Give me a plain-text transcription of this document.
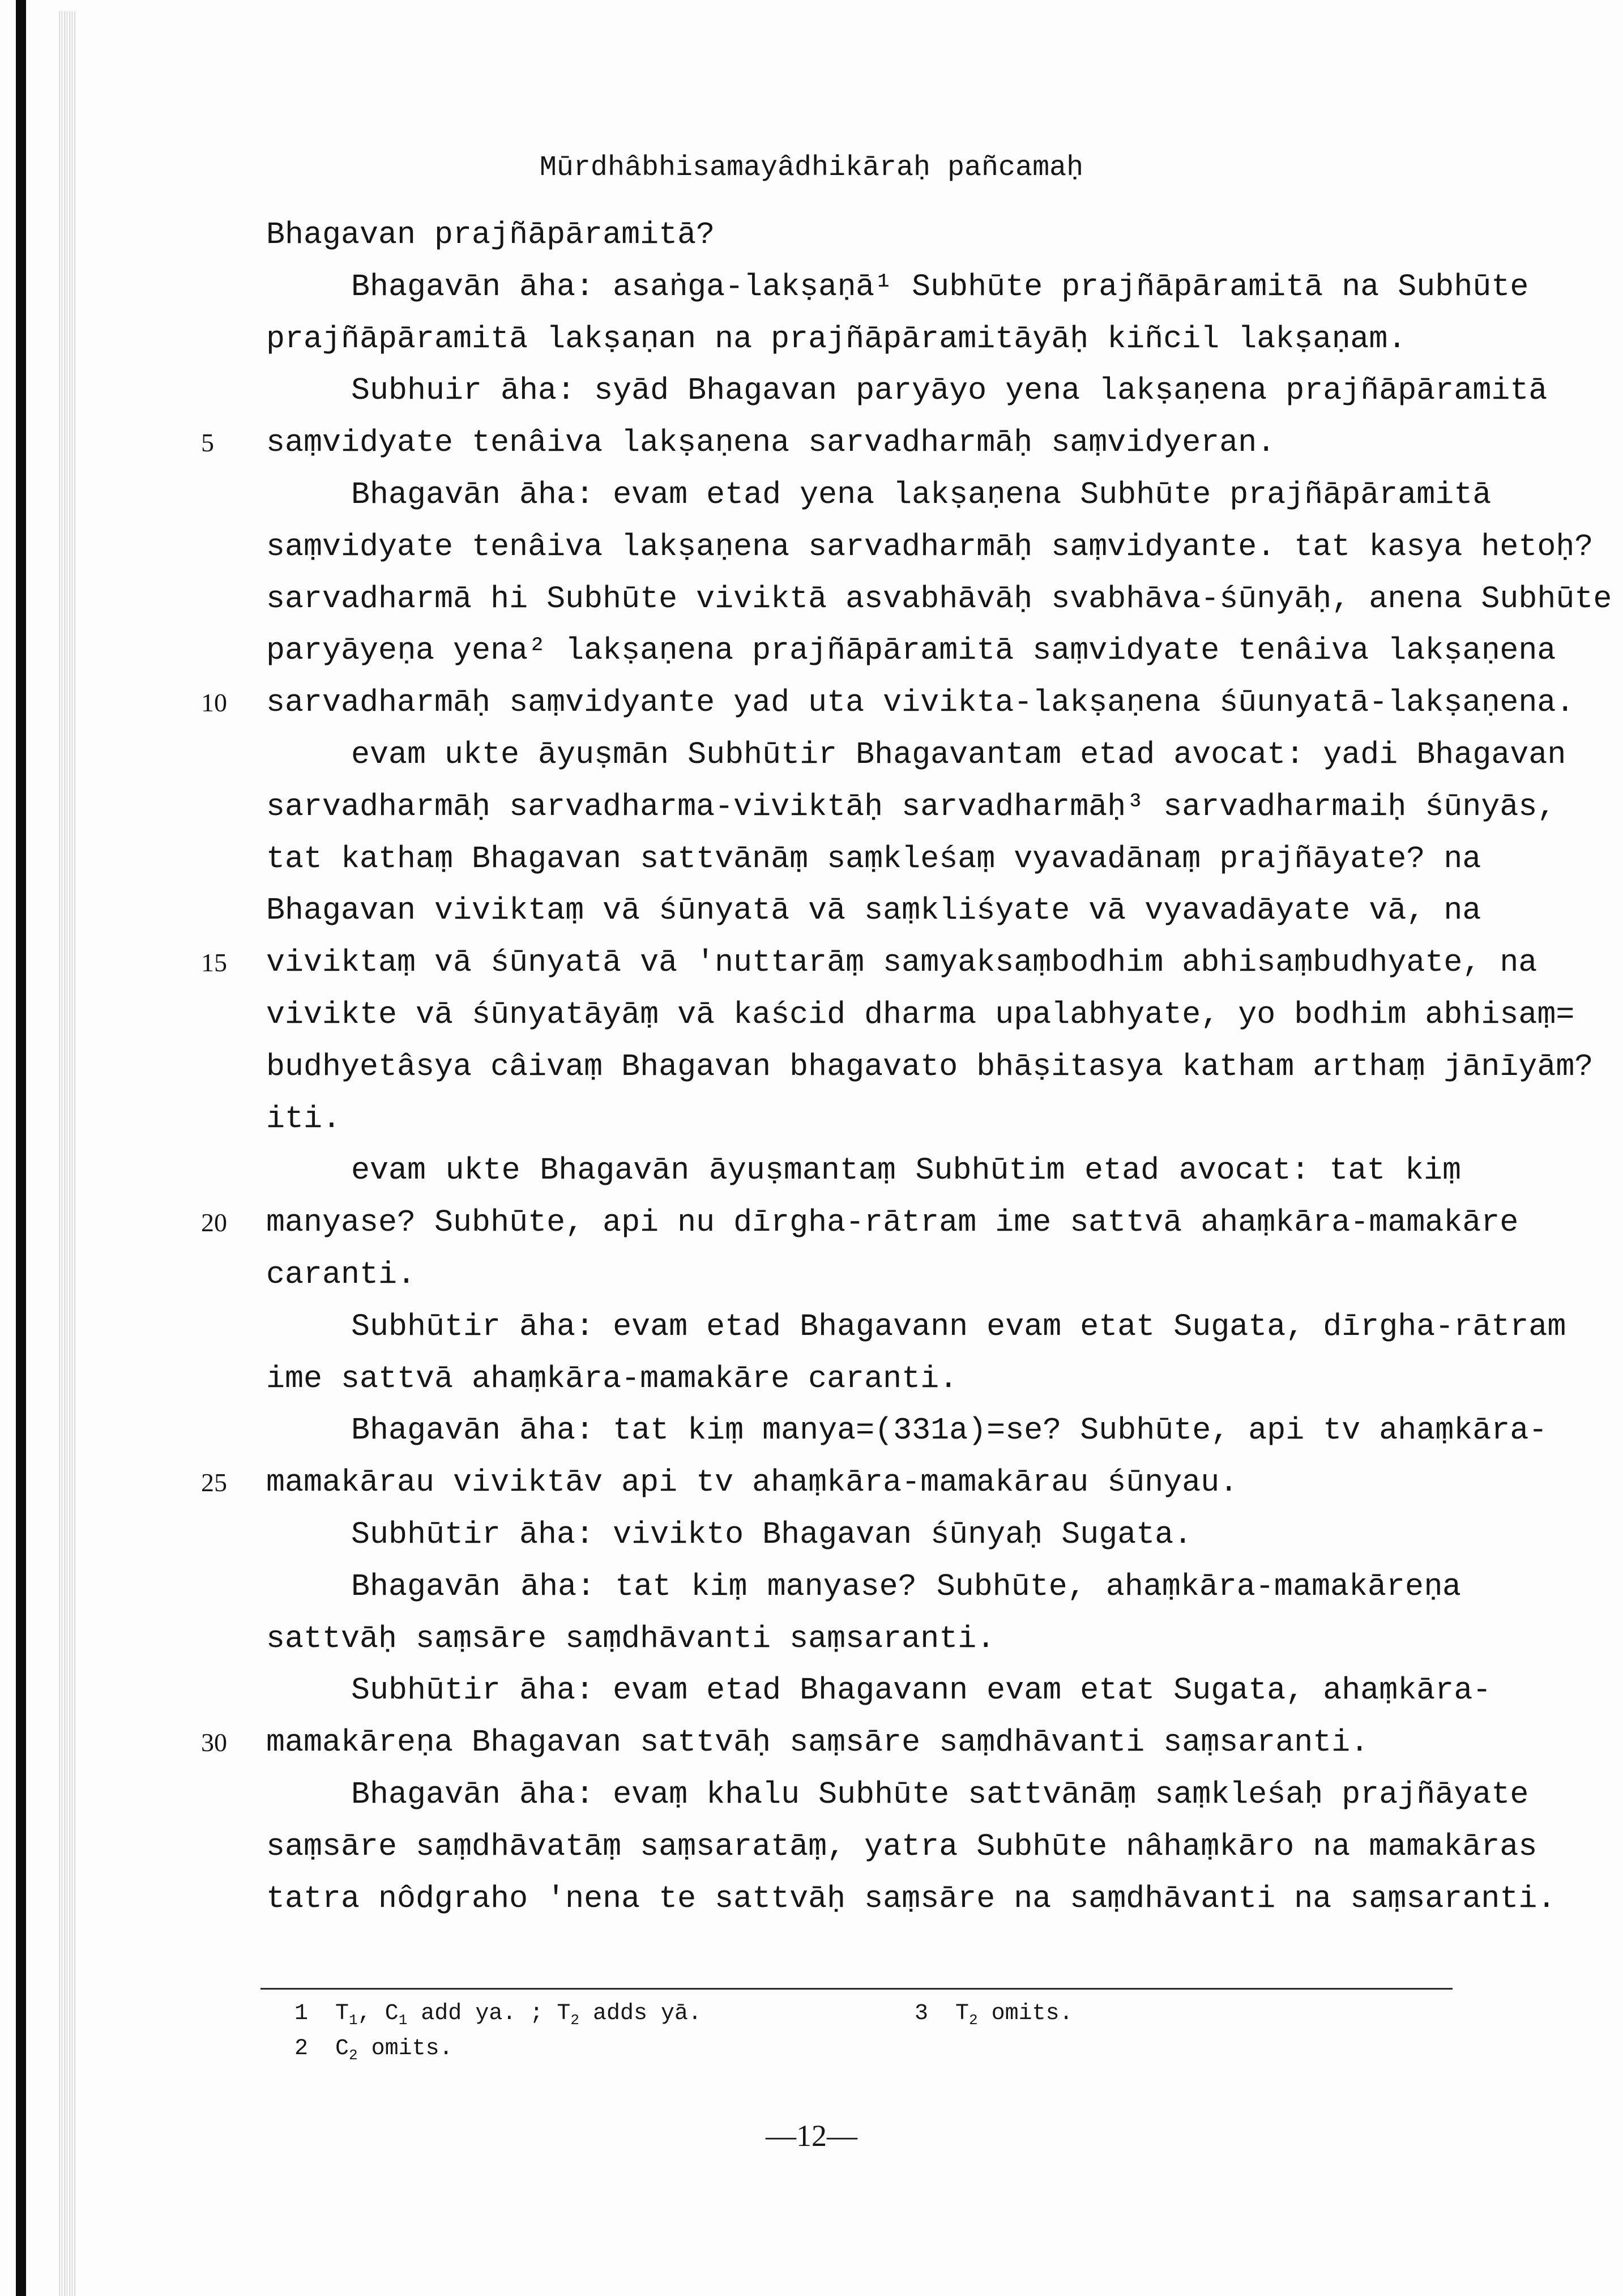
Mūrdhâbhisamayâdhikāraḥ pañcamaḥ
Bhagavan prajñāpāramitā?
Bhagavān āha: asaṅga-lakṣaṇā¹ Subhūte prajñāpāramitā na Subhūte
prajñāpāramitā lakṣaṇan na prajñāpāramitāyāḥ kiñcil lakṣaṇam.
Subhuir āha: syād Bhagavan paryāyo yena lakṣaṇena prajñāpāramitā
saṃvidyate tenâiva lakṣaṇena sarvadharmāḥ saṃvidyeran.
Bhagavān āha: evam etad yena lakṣaṇena Subhūte prajñāpāramitā
saṃvidyate tenâiva lakṣaṇena sarvadharmāḥ saṃvidyante. tat kasya hetoḥ?
sarvadharmā hi Subhūte viviktā asvabhāvāḥ svabhāva-śūnyāḥ, anena Subhūte
paryāyeṇa yena² lakṣaṇena prajñāpāramitā saṃvidyate tenâiva lakṣaṇena
sarvadharmāḥ saṃvidyante yad uta vivikta-lakṣaṇena śūunyatā-lakṣaṇena.
evam ukte āyuṣmān Subhūtir Bhagavantam etad avocat: yadi Bhagavan
sarvadharmāḥ sarvadharma-viviktāḥ sarvadharmāḥ³ sarvadharmaiḥ śūnyās,
tat kathaṃ Bhagavan sattvānāṃ saṃkleśaṃ vyavadānaṃ prajñāyate? na
Bhagavan viviktaṃ vā śūnyatā vā saṃkliśyate vā vyavadāyate vā, na
viviktaṃ vā śūnyatā vā 'nuttarāṃ samyaksaṃbodhim abhisaṃbudhyate, na
vivikte vā śūnyatāyāṃ vā kaścid dharma upalabhyate, yo bodhim abhisaṃ=
budhyetâsya câivaṃ Bhagavan bhagavato bhāṣitasya katham arthaṃ jānīyām?
iti.
evam ukte Bhagavān āyuṣmantaṃ Subhūtim etad avocat: tat kiṃ
manyase? Subhūte, api nu dīrgha-rātram ime sattvā ahaṃkāra-mamakāre
caranti.
Subhūtir āha: evam etad Bhagavann evam etat Sugata, dīrgha-rātram
ime sattvā ahaṃkāra-mamakāre caranti.
Bhagavān āha: tat kiṃ manya=(331a)=se? Subhūte, api tv ahaṃkāra-
mamakārau viviktāv api tv ahaṃkāra-mamakārau śūnyau.
Subhūtir āha: vivikto Bhagavan śūnyaḥ Sugata.
Bhagavān āha: tat kiṃ manyase? Subhūte, ahaṃkāra-mamakāreṇa
sattvāḥ saṃsāre saṃdhāvanti saṃsaranti.
Subhūtir āha: evam etad Bhagavann evam etat Sugata, ahaṃkāra-
mamakāreṇa Bhagavan sattvāḥ saṃsāre saṃdhāvanti saṃsaranti.
Bhagavān āha: evaṃ khalu Subhūte sattvānāṃ saṃkleśaḥ prajñāyate
saṃsāre saṃdhāvatāṃ saṃsaratāṃ, yatra Subhūte nâhaṃkāro na mamakāras
tatra nôdgraho 'nena te sattvāḥ saṃsāre na saṃdhāvanti na saṃsaranti.
5
10
15
20
25
30
1 $T_1$, $C_1$ add ya. ; $T_2$ adds yā.	3 $T_2$ omits.
2 $C_2$ omits.
—12—
